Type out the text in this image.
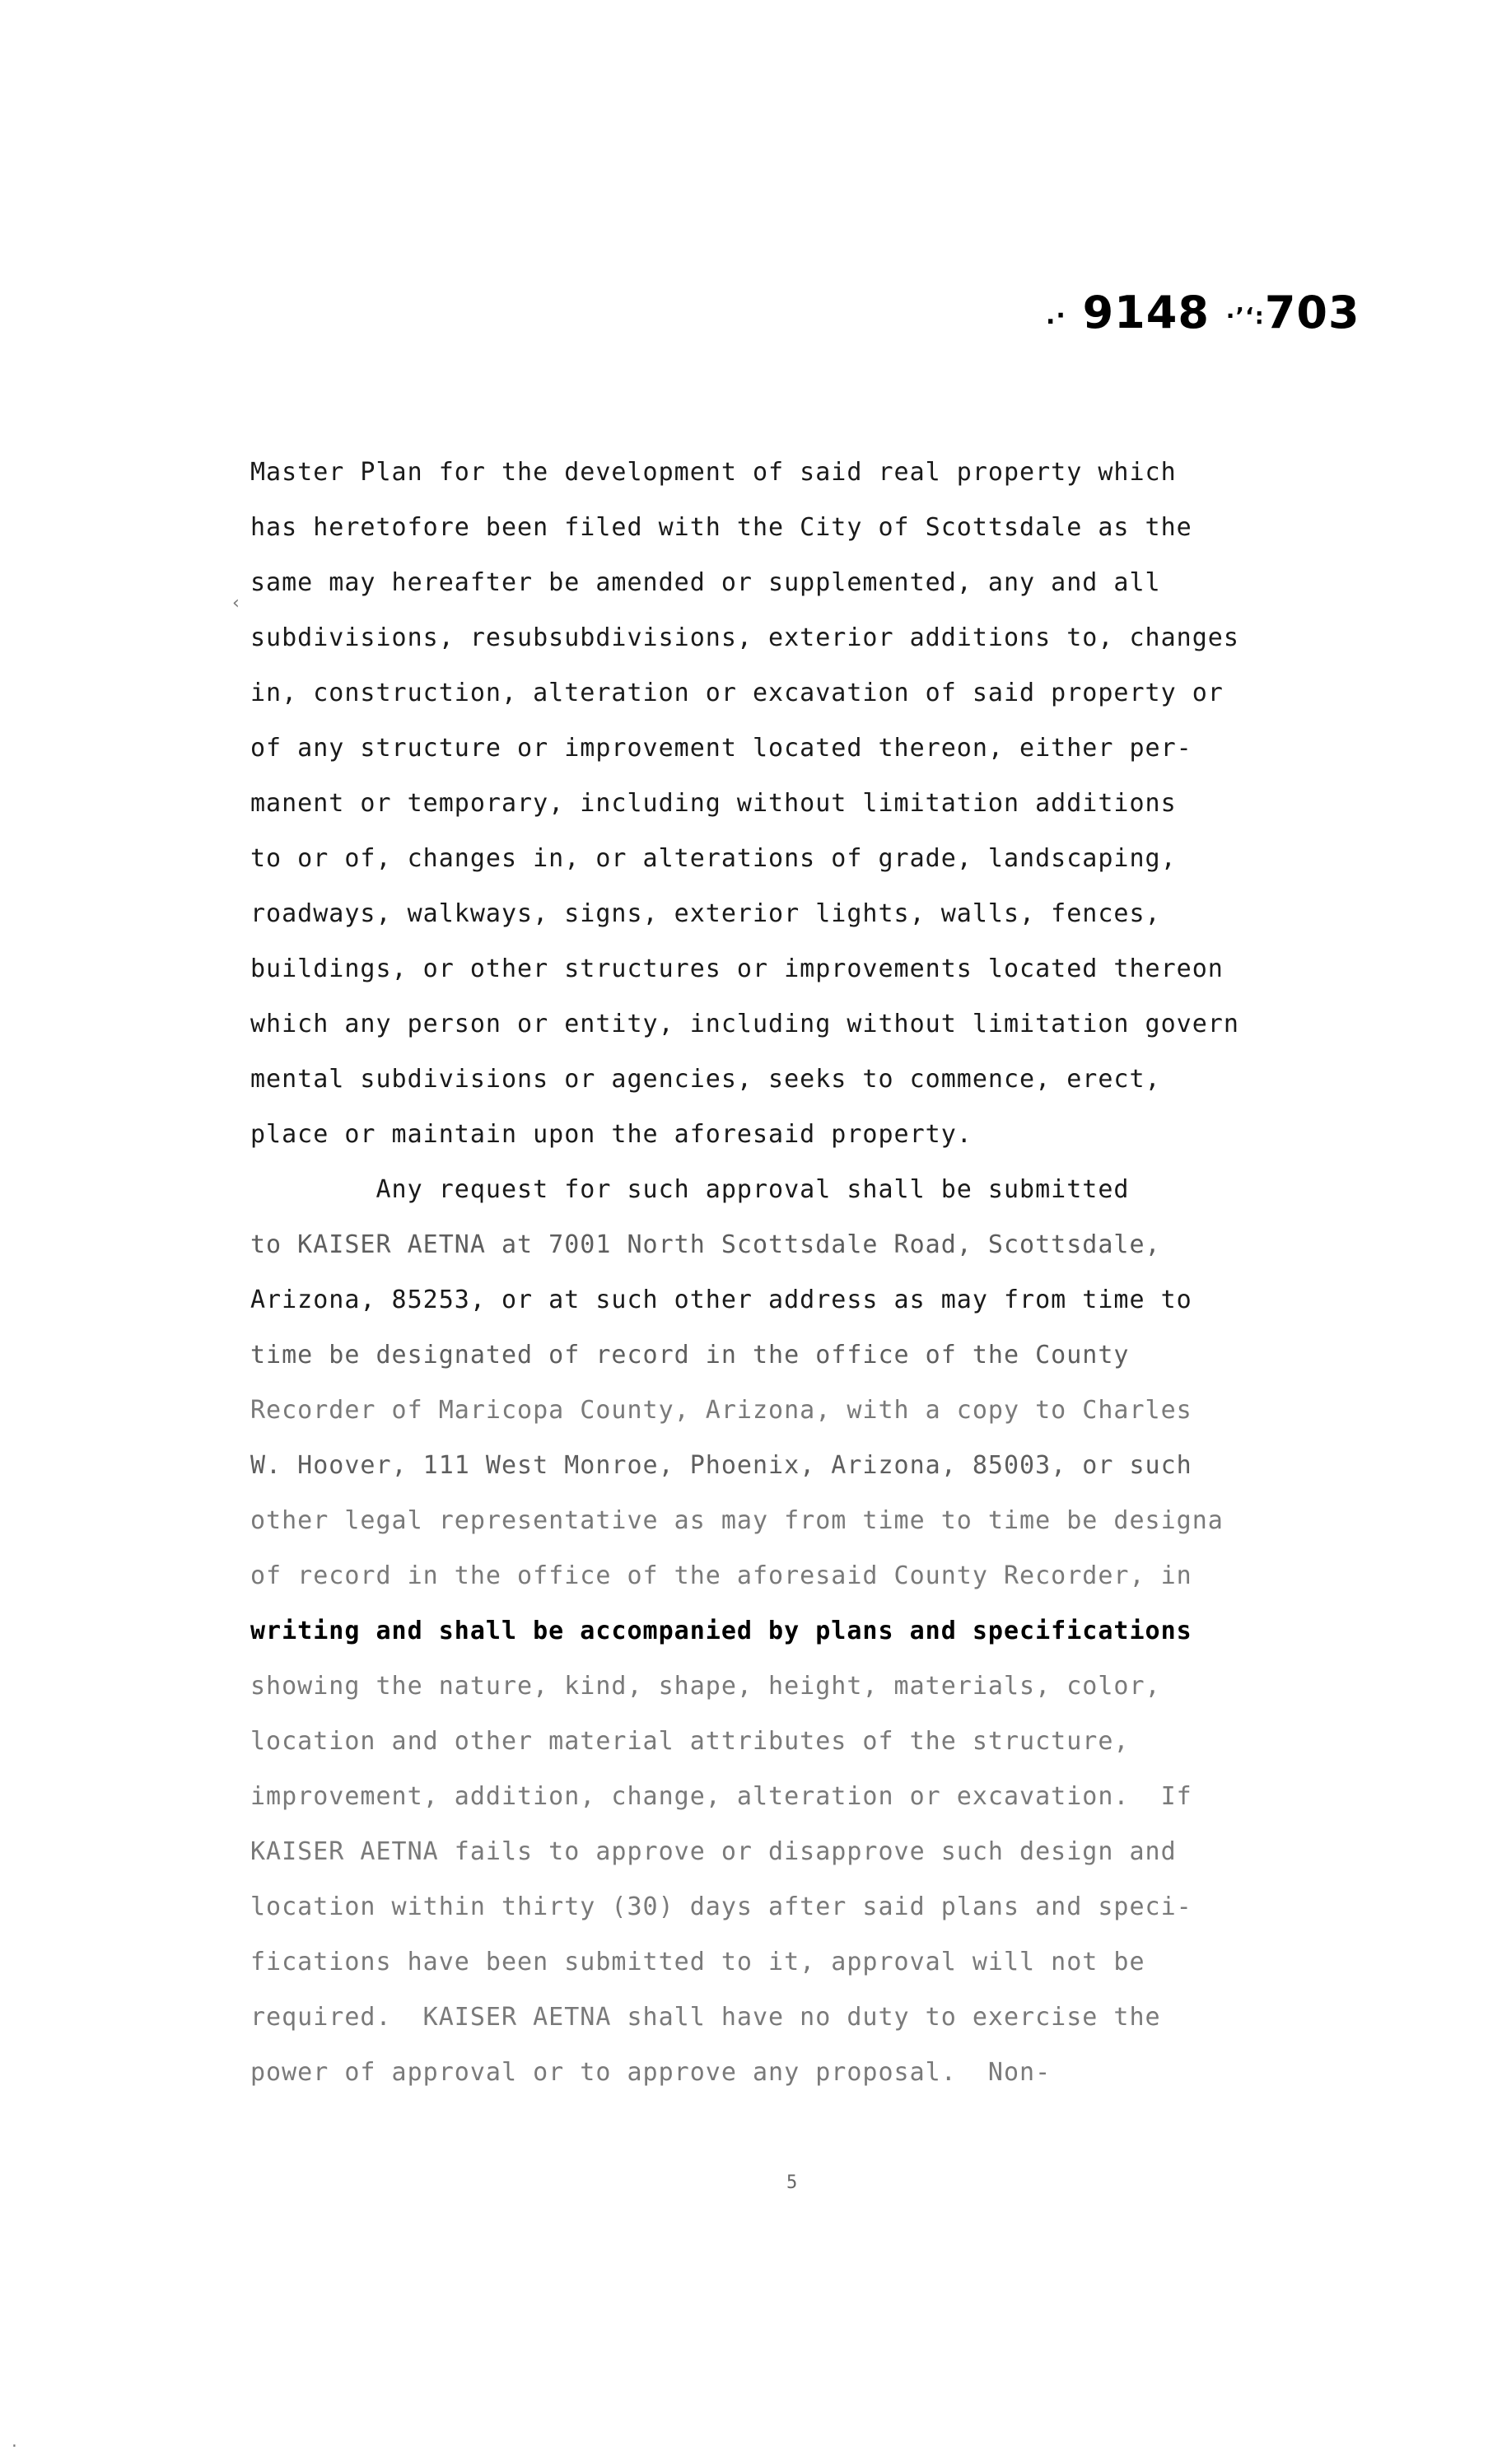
.· 9148 ·’‘:703
‹
Master Plan for the development of said real property which
has heretofore been filed with the City of Scottsdale as the
same may hereafter be amended or supplemented, any and all
subdivisions, resubsubdivisions, exterior additions to, changes
in, construction, alteration or excavation of said property or
of any structure or improvement located thereon, either per-
manent or temporary, including without limitation additions
to or of, changes in, or alterations of grade, landscaping,
roadways, walkways, signs, exterior lights, walls, fences,
buildings, or other structures or improvements located thereon
which any person or entity, including without limitation govern
mental subdivisions or agencies, seeks to commence, erect,
place or maintain upon the aforesaid property.
Any request for such approval shall be submitted
to KAISER AETNA at 7001 North Scottsdale Road, Scottsdale,
Arizona, 85253, or at such other address as may from time to
time be designated of record in the office of the County
Recorder of Maricopa County, Arizona, with a copy to Charles
W. Hoover, 111 West Monroe, Phoenix, Arizona, 85003, or such
other legal representative as may from time to time be designa
of record in the office of the aforesaid County Recorder, in
writing and shall be accompanied by plans and specifications
showing the nature, kind, shape, height, materials, color,
location and other material attributes of the structure,
improvement, addition, change, alteration or excavation.  If
KAISER AETNA fails to approve or disapprove such design and
location within thirty (30) days after said plans and speci-
fications have been submitted to it, approval will not be
required.  KAISER AETNA shall have no duty to exercise the
power of approval or to approve any proposal.  Non-
5
·
